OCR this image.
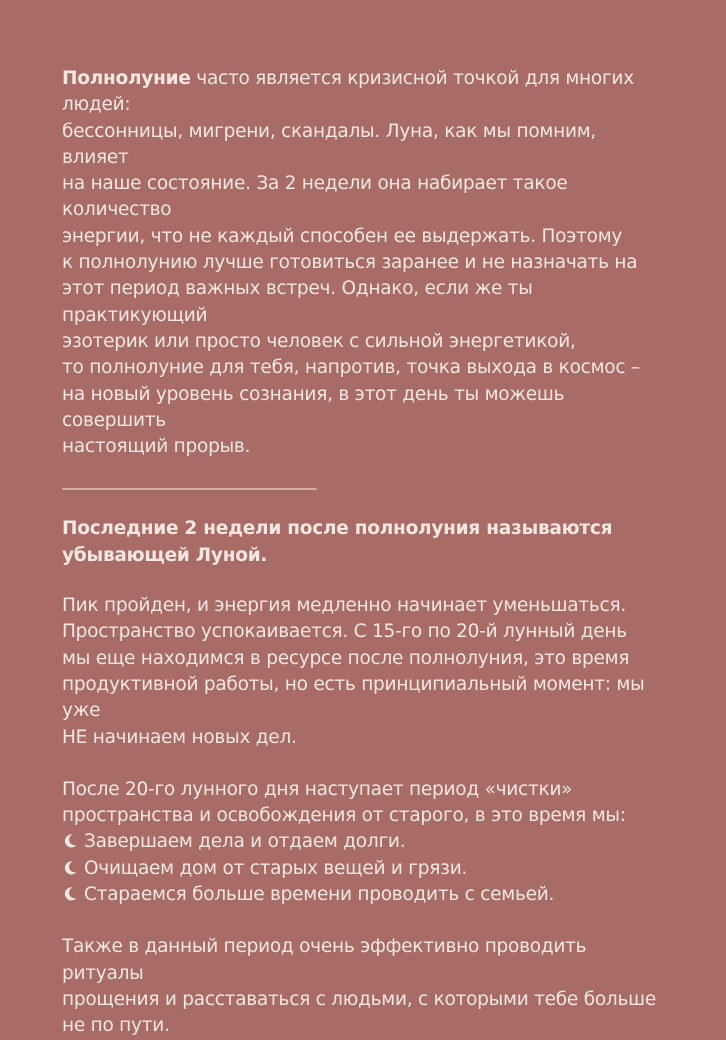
Полнолуние часто является кризисной точкой для многих людей:
бессонницы, мигрени, скандалы. Луна, как мы помним, влияет
на наше состояние. За 2 недели она набирает такое количество
энергии, что не каждый способен ее выдержать. Поэтому
к полнолунию лучше готовиться заранее и не назначать на
этот период важных встреч. Однако, если же ты практикующий
эзотерик или просто человек с сильной энергетикой,
то полнолуние для тебя, напротив, точка выхода в космос –
на новый уровень сознания, в этот день ты можешь совершить
настоящий прорыв.

Последние 2 недели после полнолуния называются
убывающей Луной.

Пик пройден, и энергия медленно начинает уменьшаться.
Пространство успокаивается. С 15-го по 20-й лунный день
мы еще находимся в ресурсе после полнолуния, это время
продуктивной работы, но есть принципиальный момент: мы уже
НЕ начинаем новых дел.

После 20-го лунного дня наступает период «чистки»
пространства и освобождения от старого, в это время мы:

Завершаем дела и отдаем долги.
Очищаем дом от старых вещей и грязи.
Стараемся больше времени проводить с семьей.

Также в данный период очень эффективно проводить ритуалы
прощения и расставаться с людьми, с которыми тебе больше
не по пути.
